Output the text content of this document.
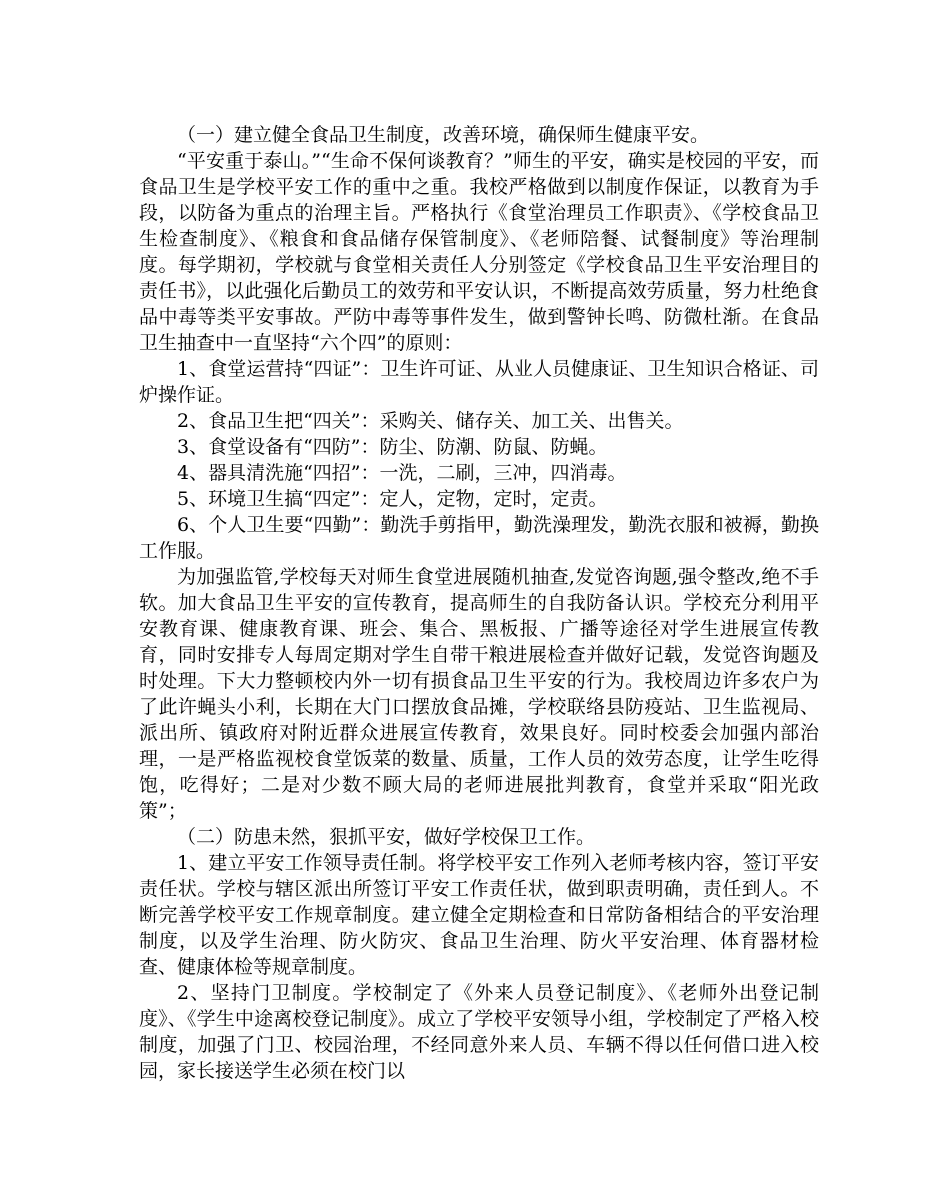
（一）建立健全食品卫生制度，改善环境，确保师生健康平安。

“平安重于泰山。”“生命不保何谈教育？”师生的平安，确实是校园的平安，而食品卫生是学校平安工作的重中之重。我校严格做到以制度作保证，以教育为手段，以防备为重点的治理主旨。严格执行《食堂治理员工作职责》、《学校食品卫生检查制度》、《粮食和食品储存保管制度》、《老师陪餐、试餐制度》等治理制度。每学期初，学校就与食堂相关责任人分别签定《学校食品卫生平安治理目的责任书》，以此强化后勤员工的效劳和平安认识，不断提高效劳质量，努力杜绝食品中毒等类平安事故。严防中毒等事件发生，做到警钟长鸣、防微杜渐。在食品卫生抽查中一直坚持“六个四”的原则：

1、食堂运营持“四证”：卫生许可证、从业人员健康证、卫生知识合格证、司炉操作证。

2、食品卫生把“四关”：采购关、储存关、加工关、出售关。

3、食堂设备有“四防”：防尘、防潮、防鼠、防蝇。

4、器具清洗施“四招”：一洗，二刷，三冲，四消毒。

5、环境卫生搞“四定”：定人，定物，定时，定责。

6、个人卫生要“四勤”：勤洗手剪指甲，勤洗澡理发，勤洗衣服和被褥，勤换工作服。

为加强监管,学校每天对师生食堂进展随机抽查,发觉咨询题,强令整改,绝不手软。加大食品卫生平安的宣传教育，提高师生的自我防备认识。学校充分利用平安教育课、健康教育课、班会、集合、黑板报、广播等途径对学生进展宣传教育，同时安排专人每周定期对学生自带干粮进展检查并做好记载，发觉咨询题及时处理。下大力整顿校内外一切有损食品卫生平安的行为。我校周边许多农户为了此许蝇头小利，长期在大门口摆放食品摊，学校联络县防疫站、卫生监视局、派出所、镇政府对附近群众进展宣传教育，效果良好。同时校委会加强内部治理，一是严格监视校食堂饭菜的数量、质量，工作人员的效劳态度，让学生吃得饱，吃得好；二是对少数不顾大局的老师进展批判教育，食堂并采取“阳光政策”；

（二）防患未然，狠抓平安，做好学校保卫工作。

1、建立平安工作领导责任制。将学校平安工作列入老师考核内容，签订平安责任状。学校与辖区派出所签订平安工作责任状，做到职责明确，责任到人。不断完善学校平安工作规章制度。建立健全定期检查和日常防备相结合的平安治理制度，以及学生治理、防火防灾、食品卫生治理、防火平安治理、体育器材检查、健康体检等规章制度。

2、坚持门卫制度。学校制定了《外来人员登记制度》、《老师外出登记制度》、《学生中途离校登记制度》。成立了学校平安领导小组，学校制定了严格入校制度，加强了门卫、校园治理，不经同意外来人员、车辆不得以任何借口进入校园，家长接送学生必须在校门以
